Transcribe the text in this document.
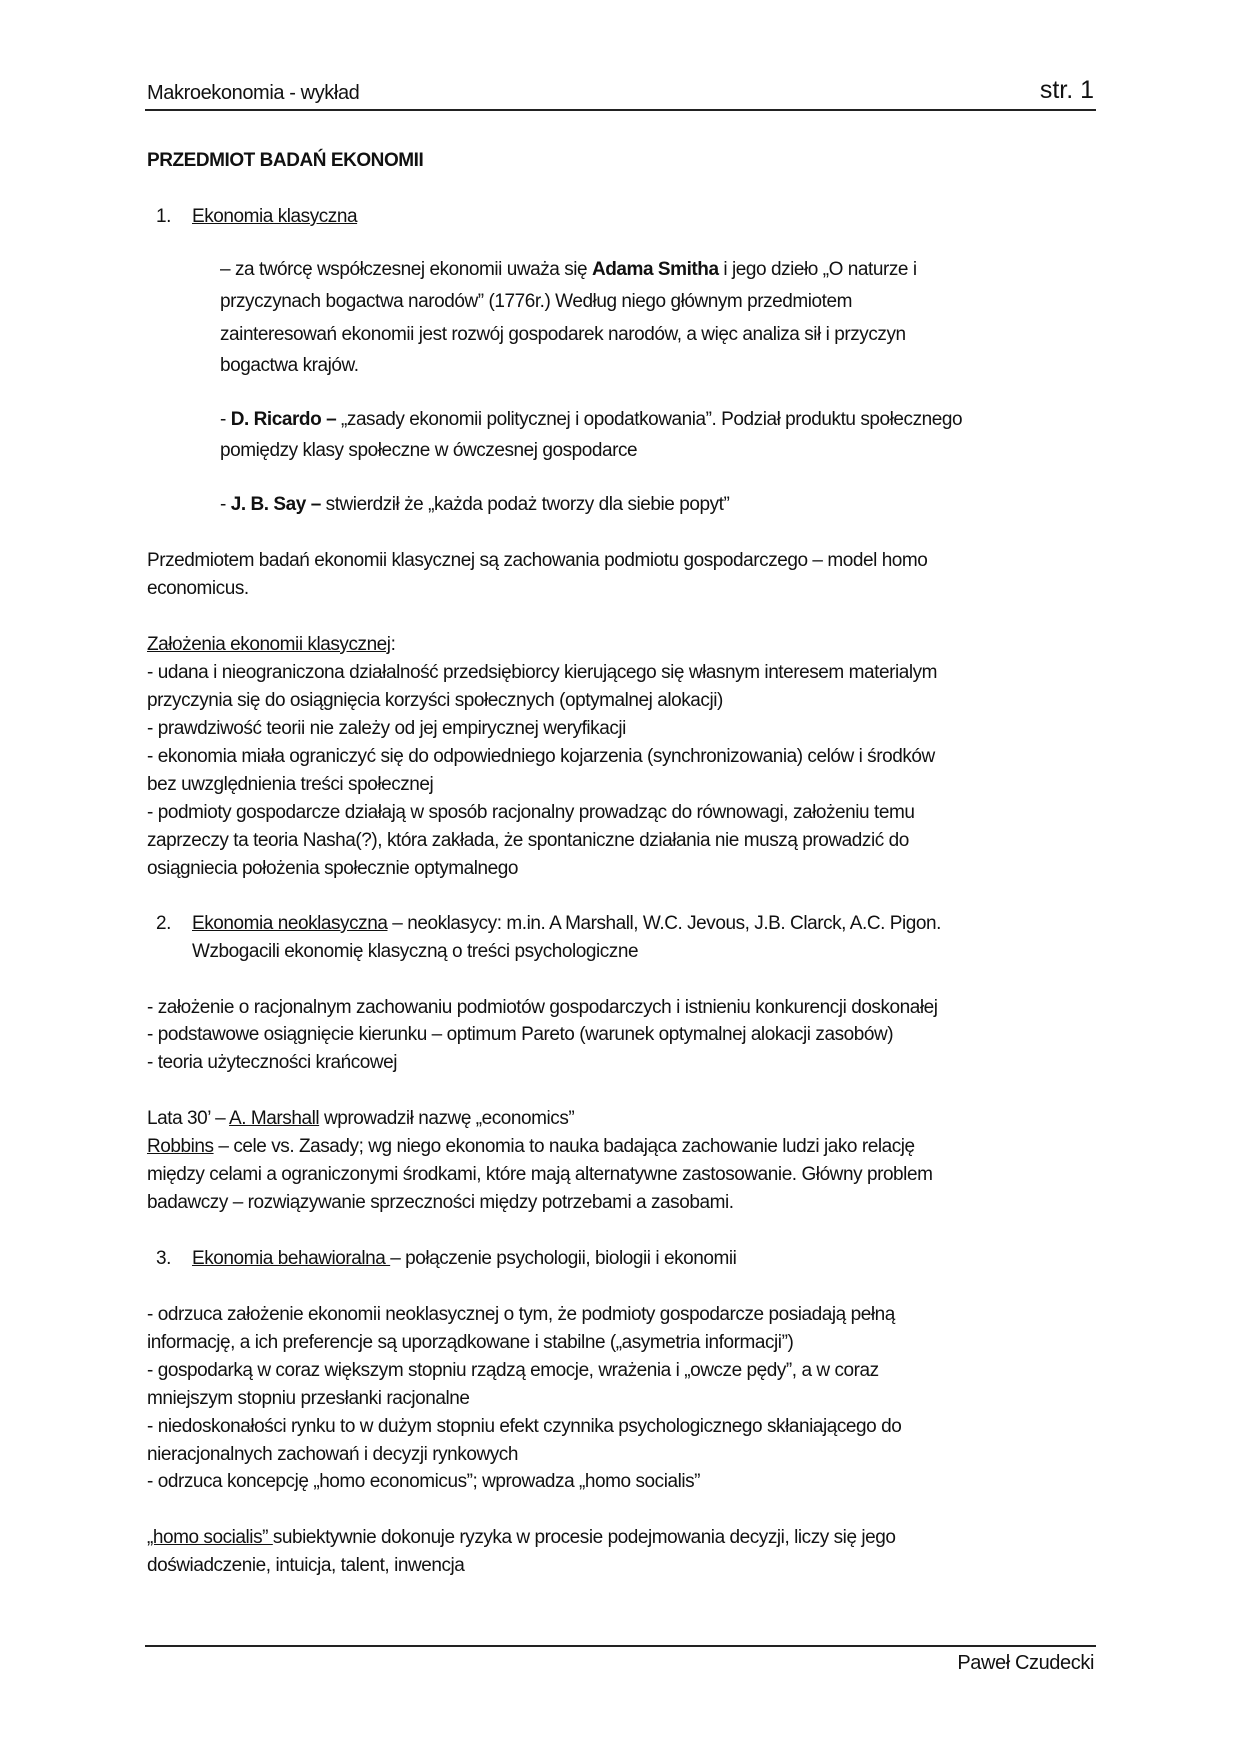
Makroekonomia - wykład	str. 1
PRZEDMIOT BADAŃ EKONOMII
1. Ekonomia klasyczna
– za twórcę współczesnej ekonomii uważa się Adama Smitha i jego dzieło „O naturze i
przyczynach bogactwa narodów” (1776r.) Według niego głównym przedmiotem
zainteresowań ekonomii jest rozwój gospodarek narodów, a więc analiza sił i przyczyn
bogactwa krajów.
- D. Ricardo – „zasady ekonomii politycznej i opodatkowania”. Podział produktu społecznego
pomiędzy klasy społeczne w ówczesnej gospodarce
- J. B. Say – stwierdził że „każda podaż tworzy dla siebie popyt”
Przedmiotem badań ekonomii klasycznej są zachowania podmiotu gospodarczego – model homo
economicus.
Założenia ekonomii klasycznej:
- udana i nieograniczona działalność przedsiębiorcy kierującego się własnym interesem materialym
przyczynia się do osiągnięcia korzyści społecznych (optymalnej alokacji)
- prawdziwość teorii nie zależy od jej empirycznej weryfikacji
- ekonomia miała ograniczyć się do odpowiedniego kojarzenia (synchronizowania) celów i środków
bez uwzględnienia treści społecznej
- podmioty gospodarcze działają w sposób racjonalny prowadząc do równowagi, założeniu temu
zaprzeczy ta teoria Nasha(?), która zakłada, że spontaniczne działania nie muszą prowadzić do
osiągniecia położenia społecznie optymalnego
2. Ekonomia neoklasyczna – neoklasycy: m.in. A Marshall, W.C. Jevous, J.B. Clarck, A.C. Pigon.
Wzbogacili ekonomię klasyczną o treści psychologiczne
- założenie o racjonalnym zachowaniu podmiotów gospodarczych i istnieniu konkurencji doskonałej
- podstawowe osiągnięcie kierunku – optimum Pareto (warunek optymalnej alokacji zasobów)
- teoria użyteczności krańcowej
Lata 30’ – A. Marshall wprowadził nazwę „economics”
Robbins – cele vs. Zasady; wg niego ekonomia to nauka badająca zachowanie ludzi jako relację
między celami a ograniczonymi środkami, które mają alternatywne zastosowanie. Główny problem
badawczy – rozwiązywanie sprzeczności między potrzebami a zasobami.
3. Ekonomia behawioralna – połączenie psychologii, biologii i ekonomii
- odrzuca założenie ekonomii neoklasycznej o tym, że podmioty gospodarcze posiadają pełną
informację, a ich preferencje są uporządkowane i stabilne („asymetria informacji”)
- gospodarką w coraz większym stopniu rządzą emocje, wrażenia i „owcze pędy”, a w coraz
mniejszym stopniu przesłanki racjonalne
- niedoskonałości rynku to w dużym stopniu efekt czynnika psychologicznego skłaniającego do
nieracjonalnych zachowań i decyzji rynkowych
- odrzuca koncepcję „homo economicus”; wprowadza „homo socialis”
„homo socialis” subiektywnie dokonuje ryzyka w procesie podejmowania decyzji, liczy się jego
doświadczenie, intuicja, talent, inwencja
Paweł Czudecki
